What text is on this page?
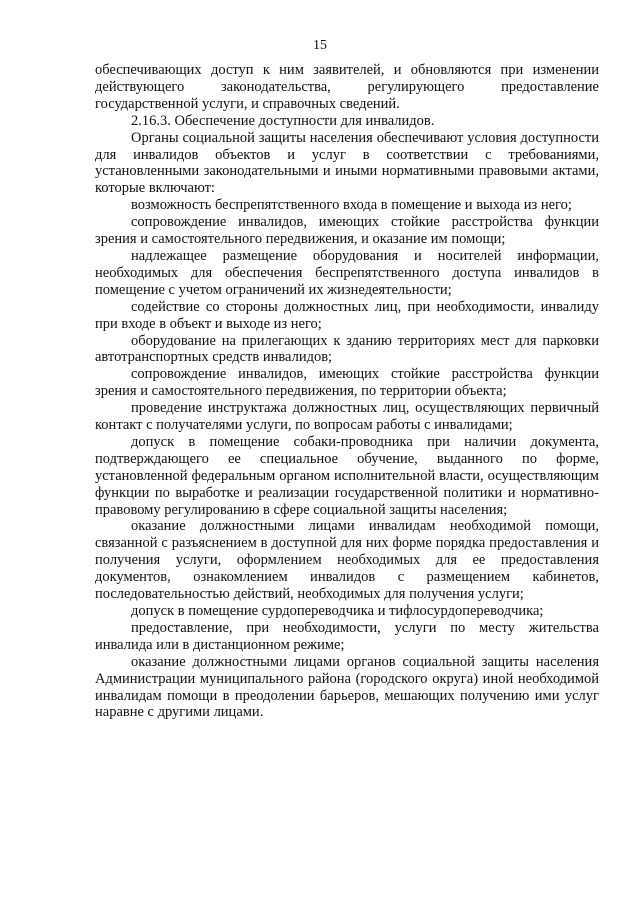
15

обеспечивающих доступ к ним заявителей, и обновляются при изменении действующего законодательства, регулирующего предоставление государственной услуги, и справочных сведений.

2.16.3. Обеспечение доступности для инвалидов.

Органы социальной защиты населения обеспечивают условия доступности для инвалидов объектов и услуг в соответствии с требованиями, установленными законодательными и иными нормативными правовыми актами, которые включают:

возможность беспрепятственного входа в помещение и выхода из него;

сопровождение инвалидов, имеющих стойкие расстройства функции зрения и самостоятельного передвижения, и оказание им помощи;

надлежащее размещение оборудования и носителей информации, необходимых для обеспечения беспрепятственного доступа инвалидов в помещение с учетом ограничений их жизнедеятельности;

содействие со стороны должностных лиц, при необходимости, инвалиду при входе в объект и выходе из него;

оборудование на прилегающих к зданию территориях мест для парковки автотранспортных средств инвалидов;

сопровождение инвалидов, имеющих стойкие расстройства функции зрения и самостоятельного передвижения, по территории объекта;

проведение инструктажа должностных лиц, осуществляющих первичный контакт с получателями услуги, по вопросам работы с инвалидами;

допуск в помещение собаки-проводника при наличии документа, подтверждающего ее специальное обучение, выданного по форме, установленной федеральным органом исполнительной власти, осуществляющим функции по выработке и реализации государственной политики и нормативно-правовому регулированию в сфере социальной защиты населения;

оказание должностными лицами инвалидам необходимой помощи, связанной с разъяснением в доступной для них форме порядка предоставления и получения услуги, оформлением необходимых для ее предоставления документов, ознакомлением инвалидов с размещением кабинетов, последовательностью действий, необходимых для получения услуги;

допуск в помещение сурдопереводчика и тифлосурдопереводчика;

предоставление, при необходимости, услуги по месту жительства инвалида или в дистанционном режиме;

оказание должностными лицами органов социальной защиты населения Администрации муниципального района (городского округа) иной необходимой инвалидам помощи в преодолении барьеров, мешающих получению ими услуг наравне с другими лицами.
